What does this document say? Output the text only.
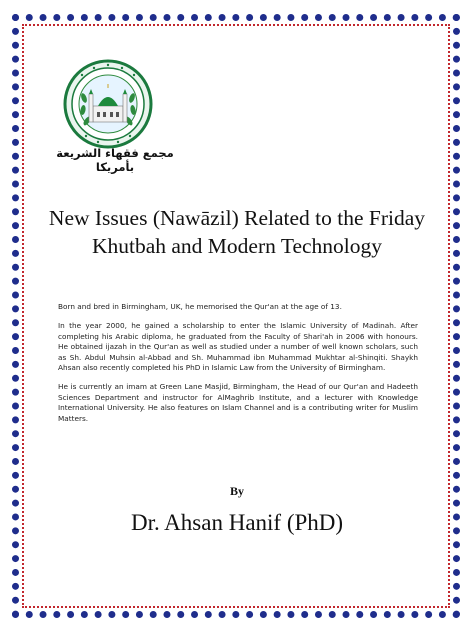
مجمع فقهاء الشريعة بأمريكا
New Issues (Nawāzil) Related to the Friday Khutbah and Modern Technology

Born and bred in Birmingham, UK, he memorised the Qur'an at the age of 13.

In the year 2000, he gained a scholarship to enter the Islamic University of Madinah. After completing his Arabic diploma, he graduated from the Faculty of Shari'ah in 2006 with honours. He obtained ijazah in the Qur'an as well as studied under a number of well known scholars, such as Sh. Abdul Muhsin al-Abbad and Sh. Muhammad ibn Muhammad Mukhtar al-Shinqiti. Shaykh Ahsan also recently completed his PhD in Islamic Law from the University of Birmingham.

He is currently an imam at Green Lane Masjid, Birmingham, the Head of our Qur'an and Hadeeth Sciences Department and instructor for AlMaghrib Institute, and a lecturer with Knowledge International University. He also features on Islam Channel and is a contributing writer for Muslim Matters.

By
Dr. Ahsan Hanif (PhD)
